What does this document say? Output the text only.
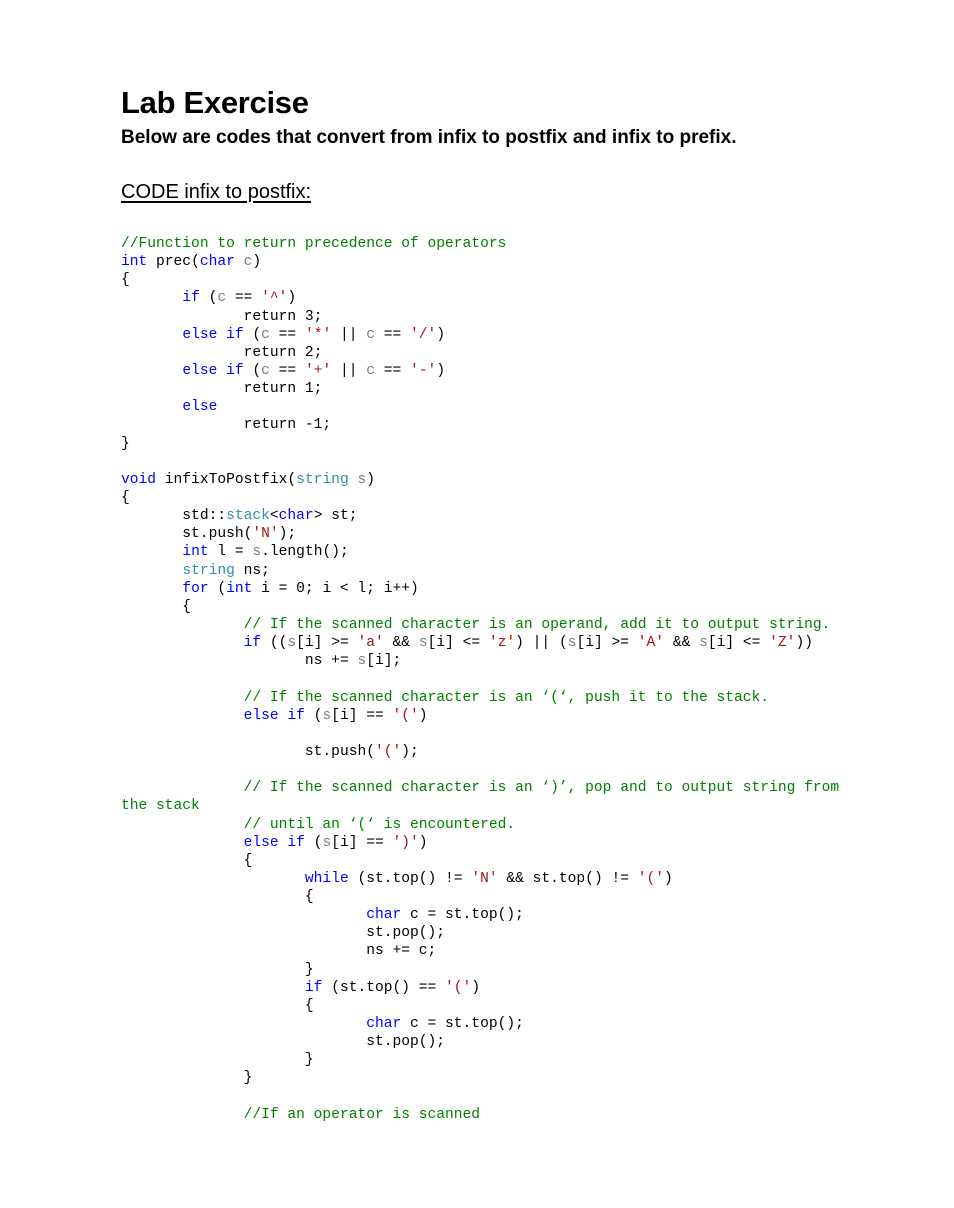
Lab Exercise

Below are codes that convert from infix to postfix and infix to prefix.

CODE infix to postfix:

//Function to return precedence of operators
int prec(char c)
{
if (c == '^')
return 3;
else if (c == '*' || c == '/')
return 2;
else if (c == '+' || c == '-')
return 1;
else
return -1;
}

void infixToPostfix(string s)
{
std::stack<char> st;
st.push('N');
int l = s.length();
string ns;
for (int i = 0; i < l; i++)
{
// If the scanned character is an operand, add it to output string.
if ((s[i] >= 'a' && s[i] <= 'z') || (s[i] >= 'A' && s[i] <= 'Z'))
ns += s[i];

// If the scanned character is an ‘(‘, push it to the stack.
else if (s[i] == '(')

st.push('(');

// If the scanned character is an ‘)’, pop and to output string from
the stack
// until an ‘(‘ is encountered.
else if (s[i] == ')')
{
while (st.top() != 'N' && st.top() != '(')
{
char c = st.top();
st.pop();
ns += c;
}
if (st.top() == '(')
{
char c = st.top();
st.pop();
}
}

//If an operator is scanned
